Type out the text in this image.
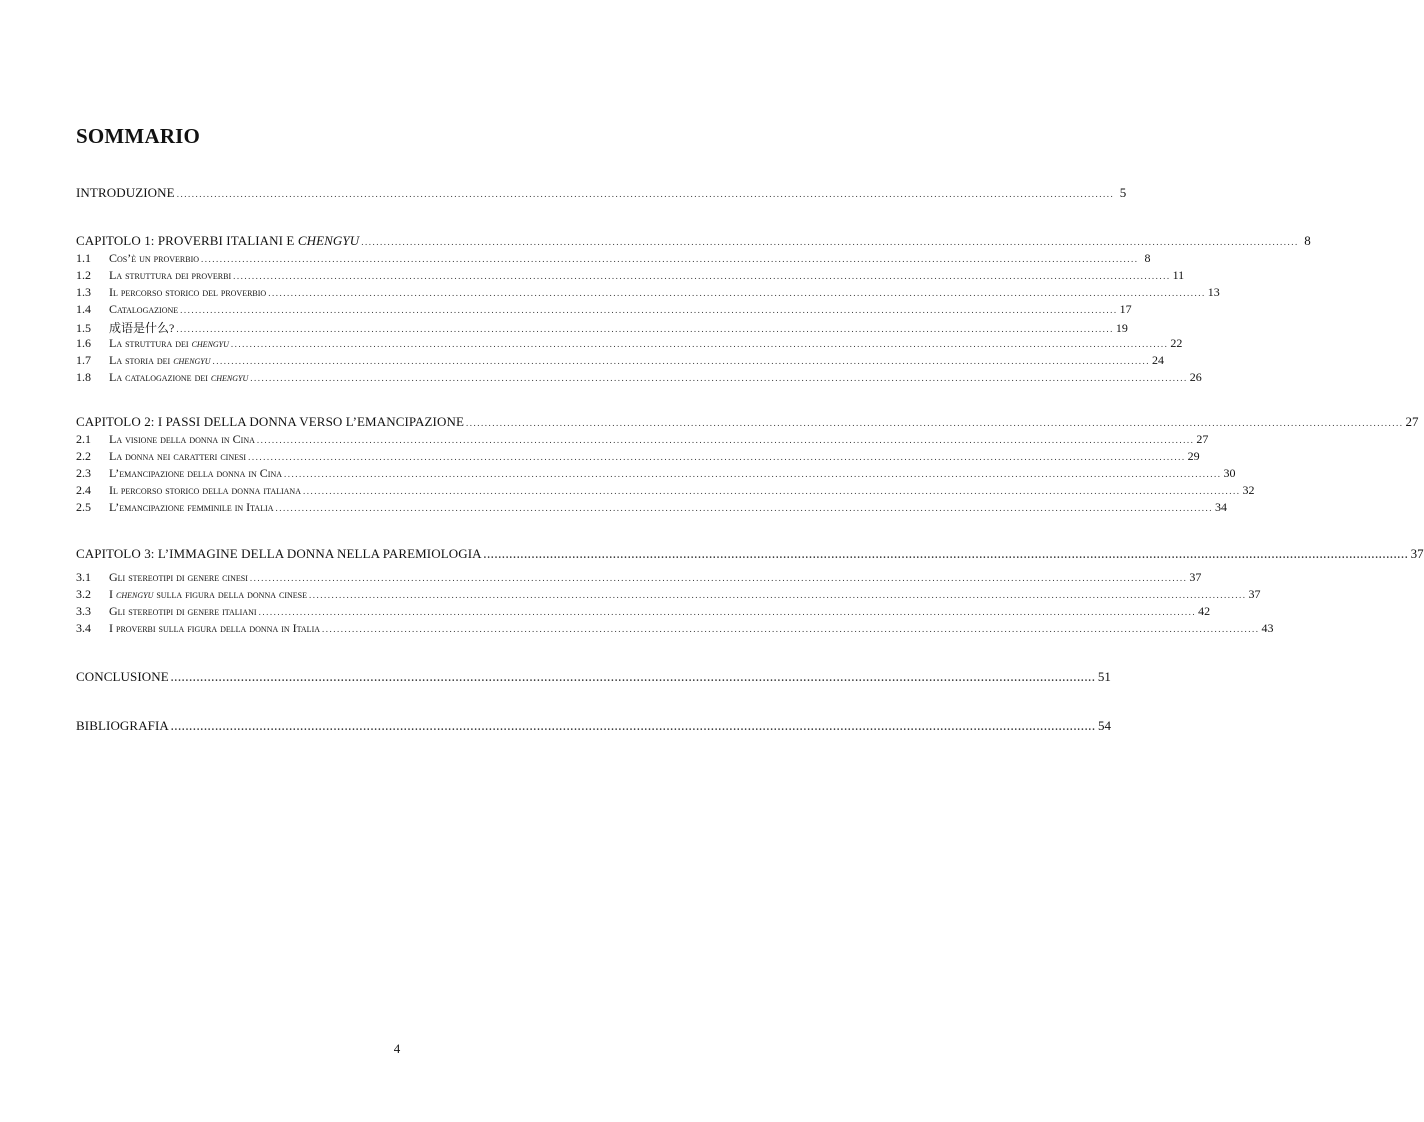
SOMMARIO
INTRODUZIONE .......................................................................................................................................................................................................................................................... 5
CAPITOLO 1: PROVERBI ITALIANI E CHENGYU .......................................................................................................................................................................................................................................................... 8
1.1 Cos’è un proverbio .......................................................................................................................................................................................................................................................... 8
1.2 La struttura dei proverbi .......................................................................................................................................................................................................................................................... 11
1.3 Il percorso storico del proverbio .......................................................................................................................................................................................................................................................... 13
1.4 Catalogazione .......................................................................................................................................................................................................................................................... 17
1.5 成语是什么? .......................................................................................................................................................................................................................................................... 19
1.6 La struttura dei chengyu .......................................................................................................................................................................................................................................................... 22
1.7 La storia dei chengyu .......................................................................................................................................................................................................................................................... 24
1.8 La catalogazione dei chengyu .......................................................................................................................................................................................................................................................... 26
CAPITOLO 2: I PASSI DELLA DONNA VERSO L’EMANCIPAZIONE .......................................................................................................................................................................................................................................................... 27
2.1 La visione della donna in Cina .......................................................................................................................................................................................................................................................... 27
2.2 La donna nei caratteri cinesi .......................................................................................................................................................................................................................................................... 29
2.3 L’emancipazione della donna in Cina .......................................................................................................................................................................................................................................................... 30
2.4 Il percorso storico della donna italiana .......................................................................................................................................................................................................................................................... 32
2.5 L’emancipazione femminile in Italia .......................................................................................................................................................................................................................................................... 34
CAPITOLO 3: L’IMMAGINE DELLA DONNA NELLA PAREMIOLOGIA .......................................................................................................................................................................................................................................................... 37
3.1 Gli stereotipi di genere cinesi .......................................................................................................................................................................................................................................................... 37
3.2 I chengyu sulla figura della donna cinese .......................................................................................................................................................................................................................................................... 37
3.3 Gli stereotipi di genere italiani .......................................................................................................................................................................................................................................................... 42
3.4 I proverbi sulla figura della donna in Italia .......................................................................................................................................................................................................................................................... 43
CONCLUSIONE .......................................................................................................................................................................................................................................................... 51
BIBLIOGRAFIA .......................................................................................................................................................................................................................................................... 54
4
